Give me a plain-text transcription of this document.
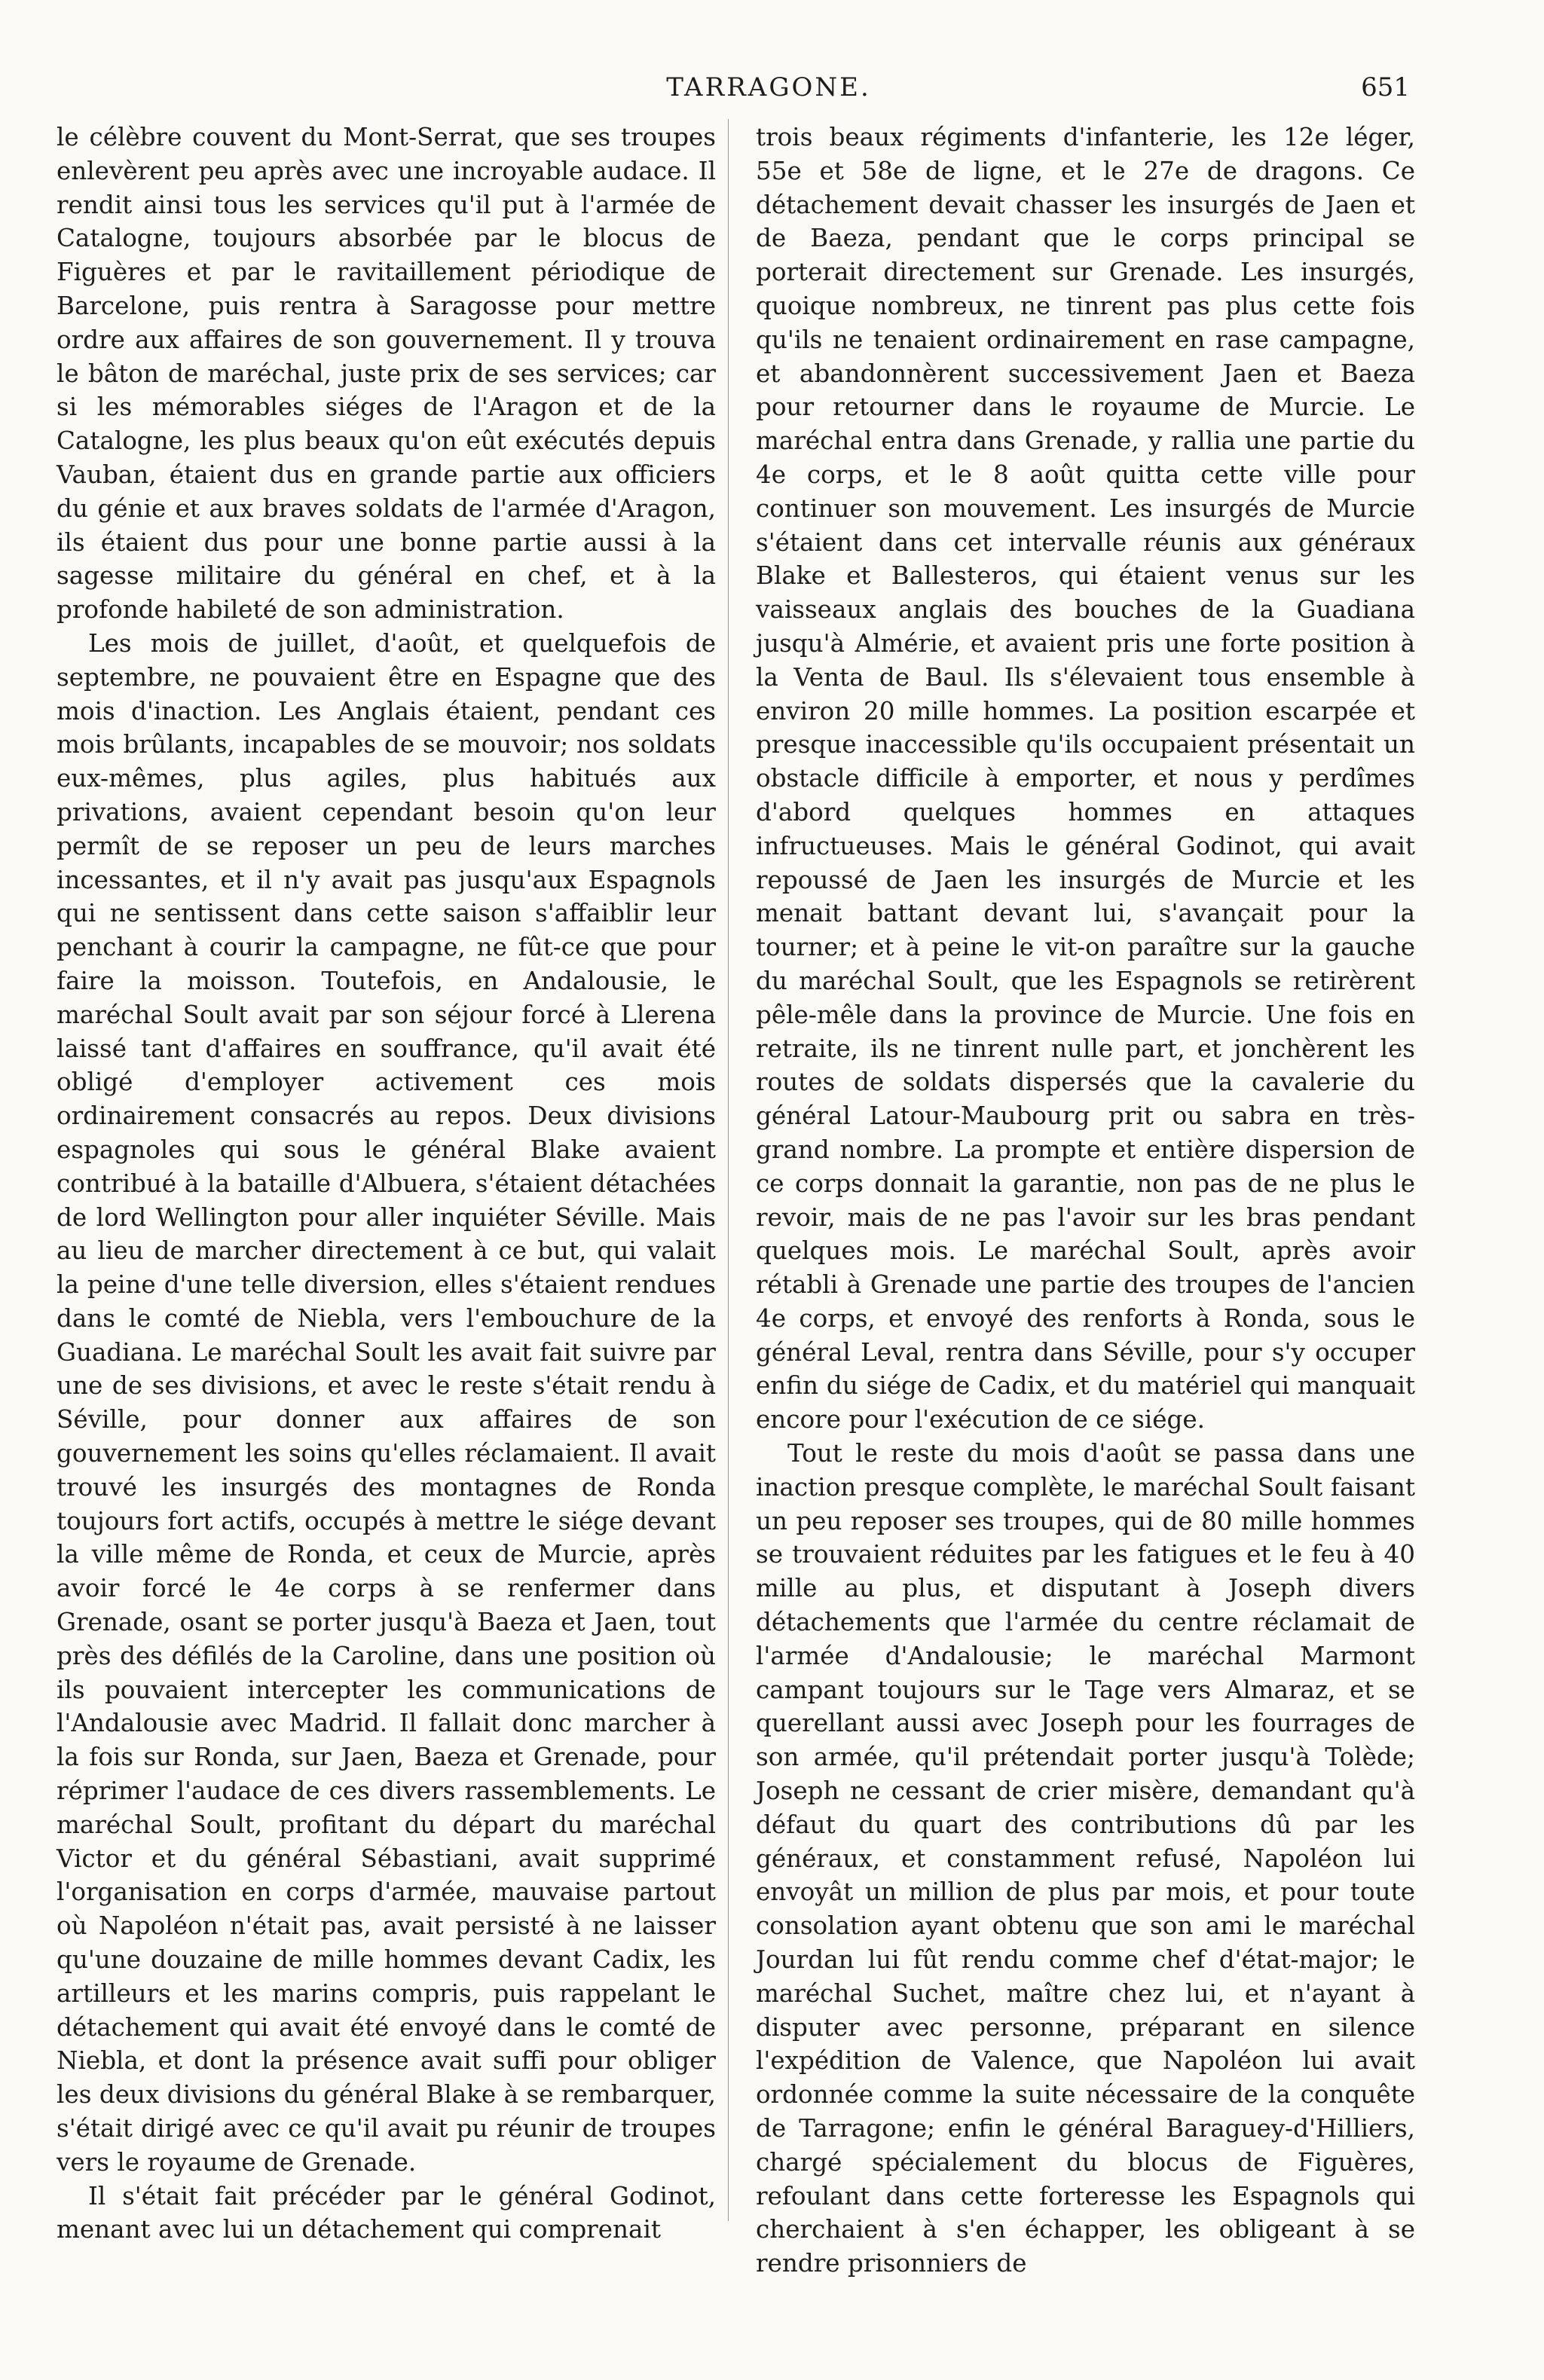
TARRAGONE.	651

le célèbre couvent du Mont-Serrat, que ses troupes enlevèrent peu après avec une incroyable audace. Il rendit ainsi tous les services qu'il put à l'armée de Catalogne, toujours absorbée par le blocus de Figuères et par le ravitaillement périodique de Barcelone, puis rentra à Saragosse pour mettre ordre aux affaires de son gouvernement. Il y trouva le bâton de maréchal, juste prix de ses services; car si les mémorables siéges de l'Aragon et de la Catalogne, les plus beaux qu'on eût exécutés depuis Vauban, étaient dus en grande partie aux officiers du génie et aux braves soldats de l'armée d'Aragon, ils étaient dus pour une bonne partie aussi à la sagesse militaire du général en chef, et à la profonde habileté de son administration.

Les mois de juillet, d'août, et quelquefois de septembre, ne pouvaient être en Espagne que des mois d'inaction. Les Anglais étaient, pendant ces mois brûlants, incapables de se mouvoir; nos soldats eux-mêmes, plus agiles, plus habitués aux privations, avaient cependant besoin qu'on leur permît de se reposer un peu de leurs marches incessantes, et il n'y avait pas jusqu'aux Espagnols qui ne sentissent dans cette saison s'affaiblir leur penchant à courir la campagne, ne fût-ce que pour faire la moisson. Toutefois, en Andalousie, le maréchal Soult avait par son séjour forcé à Llerena laissé tant d'affaires en souffrance, qu'il avait été obligé d'employer activement ces mois ordinairement consacrés au repos. Deux divisions espagnoles qui sous le général Blake avaient contribué à la bataille d'Albuera, s'étaient détachées de lord Wellington pour aller inquiéter Séville. Mais au lieu de marcher directement à ce but, qui valait la peine d'une telle diversion, elles s'étaient rendues dans le comté de Niebla, vers l'embouchure de la Guadiana. Le maréchal Soult les avait fait suivre par une de ses divisions, et avec le reste s'était rendu à Séville, pour donner aux affaires de son gouvernement les soins qu'elles réclamaient. Il avait trouvé les insurgés des montagnes de Ronda toujours fort actifs, occupés à mettre le siége devant la ville même de Ronda, et ceux de Murcie, après avoir forcé le 4e corps à se renfermer dans Grenade, osant se porter jusqu'à Baeza et Jaen, tout près des défilés de la Caroline, dans une position où ils pouvaient intercepter les communications de l'Andalousie avec Madrid. Il fallait donc marcher à la fois sur Ronda, sur Jaen, Baeza et Grenade, pour réprimer l'audace de ces divers rassemblements. Le maréchal Soult, profitant du départ du maréchal Victor et du général Sébastiani, avait supprimé l'organisation en corps d'armée, mauvaise partout où Napoléon n'était pas, avait persisté à ne laisser qu'une douzaine de mille hommes devant Cadix, les artilleurs et les marins compris, puis rappelant le détachement qui avait été envoyé dans le comté de Niebla, et dont la présence avait suffi pour obliger les deux divisions du général Blake à se rembarquer, s'était dirigé avec ce qu'il avait pu réunir de troupes vers le royaume de Grenade.

Il s'était fait précéder par le général Godinot, menant avec lui un détachement qui comprenait

trois beaux régiments d'infanterie, les 12e léger, 55e et 58e de ligne, et le 27e de dragons. Ce détachement devait chasser les insurgés de Jaen et de Baeza, pendant que le corps principal se porterait directement sur Grenade. Les insurgés, quoique nombreux, ne tinrent pas plus cette fois qu'ils ne tenaient ordinairement en rase campagne, et abandonnèrent successivement Jaen et Baeza pour retourner dans le royaume de Murcie. Le maréchal entra dans Grenade, y rallia une partie du 4e corps, et le 8 août quitta cette ville pour continuer son mouvement. Les insurgés de Murcie s'étaient dans cet intervalle réunis aux généraux Blake et Ballesteros, qui étaient venus sur les vaisseaux anglais des bouches de la Guadiana jusqu'à Almérie, et avaient pris une forte position à la Venta de Baul. Ils s'élevaient tous ensemble à environ 20 mille hommes. La position escarpée et presque inaccessible qu'ils occupaient présentait un obstacle difficile à emporter, et nous y perdîmes d'abord quelques hommes en attaques infructueuses. Mais le général Godinot, qui avait repoussé de Jaen les insurgés de Murcie et les menait battant devant lui, s'avançait pour la tourner; et à peine le vit-on paraître sur la gauche du maréchal Soult, que les Espagnols se retirèrent pêle-mêle dans la province de Murcie. Une fois en retraite, ils ne tinrent nulle part, et jonchèrent les routes de soldats dispersés que la cavalerie du général Latour-Maubourg prit ou sabra en très-grand nombre. La prompte et entière dispersion de ce corps donnait la garantie, non pas de ne plus le revoir, mais de ne pas l'avoir sur les bras pendant quelques mois. Le maréchal Soult, après avoir rétabli à Grenade une partie des troupes de l'ancien 4e corps, et envoyé des renforts à Ronda, sous le général Leval, rentra dans Séville, pour s'y occuper enfin du siége de Cadix, et du matériel qui manquait encore pour l'exécution de ce siége.

Tout le reste du mois d'août se passa dans une inaction presque complète, le maréchal Soult faisant un peu reposer ses troupes, qui de 80 mille hommes se trouvaient réduites par les fatigues et le feu à 40 mille au plus, et disputant à Joseph divers détachements que l'armée du centre réclamait de l'armée d'Andalousie; le maréchal Marmont campant toujours sur le Tage vers Almaraz, et se querellant aussi avec Joseph pour les fourrages de son armée, qu'il prétendait porter jusqu'à Tolède; Joseph ne cessant de crier misère, demandant qu'à défaut du quart des contributions dû par les généraux, et constamment refusé, Napoléon lui envoyât un million de plus par mois, et pour toute consolation ayant obtenu que son ami le maréchal Jourdan lui fût rendu comme chef d'état-major; le maréchal Suchet, maître chez lui, et n'ayant à disputer avec personne, préparant en silence l'expédition de Valence, que Napoléon lui avait ordonnée comme la suite nécessaire de la conquête de Tarragone; enfin le général Baraguey-d'Hilliers, chargé spécialement du blocus de Figuères, refoulant dans cette forteresse les Espagnols qui cherchaient à s'en échapper, les obligeant à se rendre prisonniers de
